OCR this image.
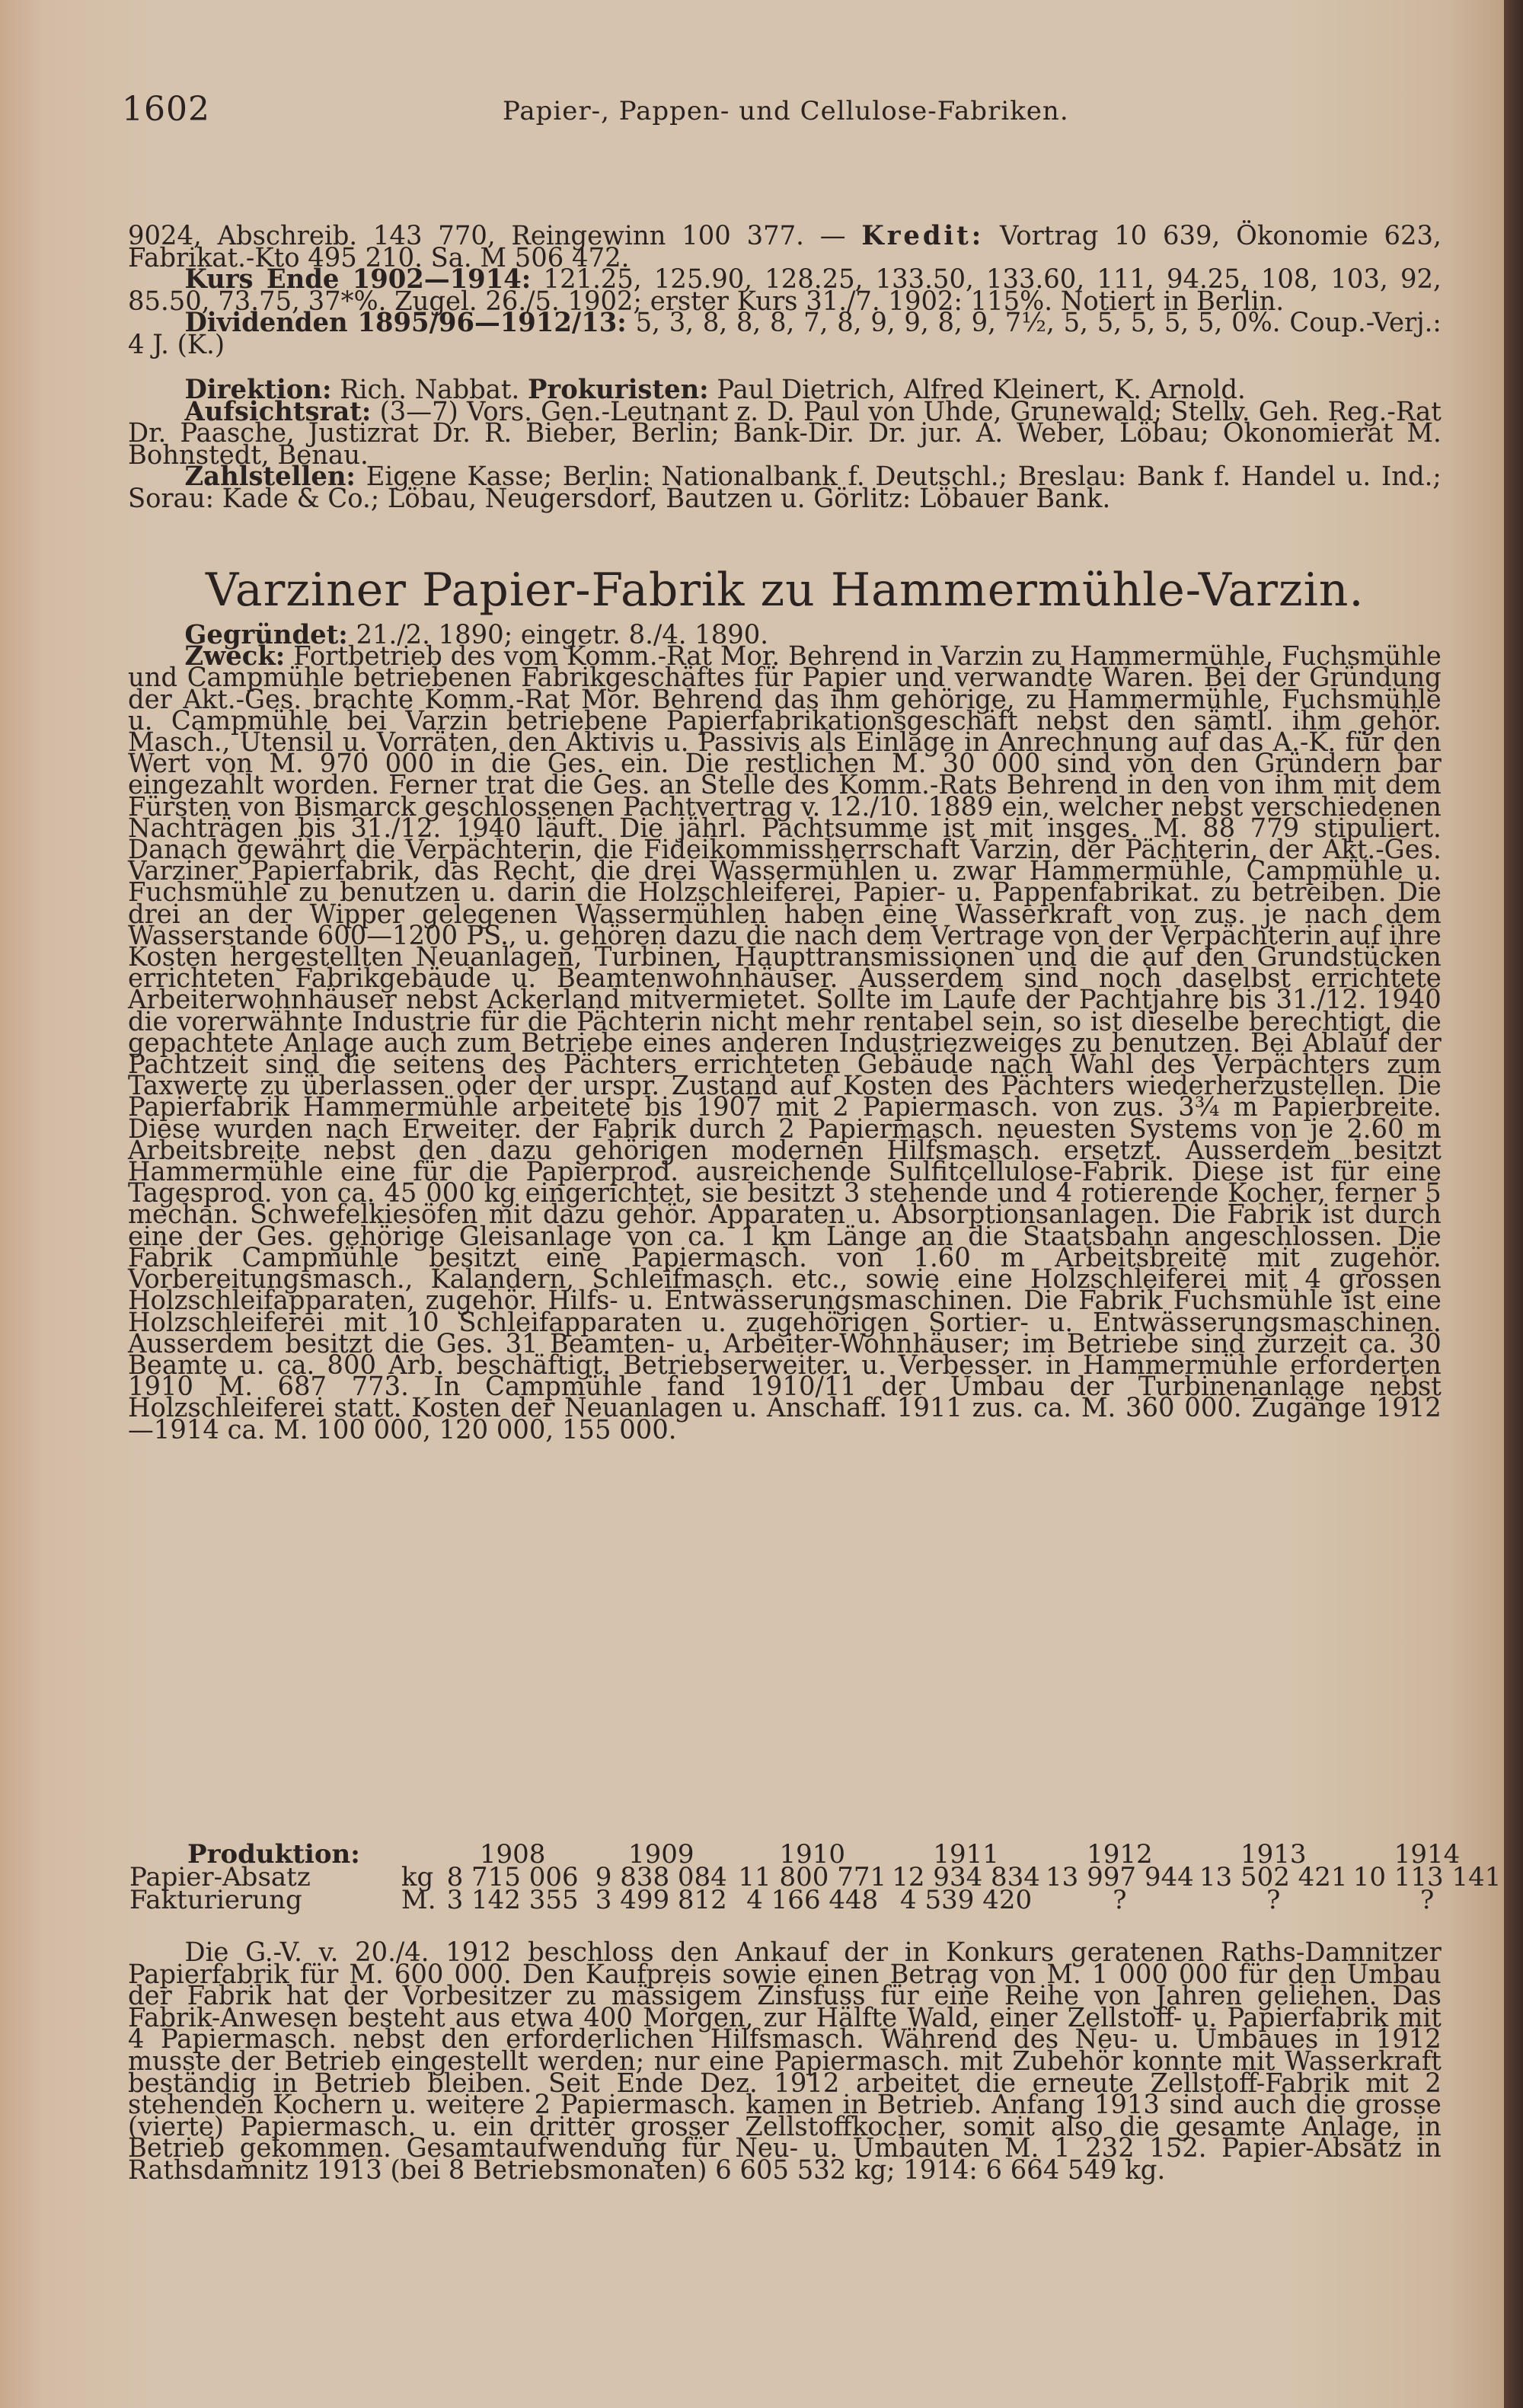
1602	Papier-, Pappen- und Cellulose-Fabriken.

9024, Abschreib. 143 770, Reingewinn 100 377. — Kredit: Vortrag 10 639, Ökonomie 623, Fabrikat.-Kto 495 210. Sa. M 506 472.

Kurs Ende 1902—1914: 121.25, 125.90, 128.25, 133.50, 133.60, 111, 94.25, 108, 103, 92, 85.50, 73.75, 37*%. Zugel. 26./5. 1902; erster Kurs 31./7. 1902: 115%. Notiert in Berlin.

Dividenden 1895/96—1912/13: 5, 3, 8, 8, 8, 7, 8, 9, 9, 8, 9, 7½, 5, 5, 5, 5, 5, 0%. Coup.-Verj.: 4 J. (K.)

Direktion: Rich. Nabbat. Prokuristen: Paul Dietrich, Alfred Kleinert, K. Arnold.

Aufsichtsrat: (3—7) Vors. Gen.-Leutnant z. D. Paul von Uhde, Grunewald; Stellv. Geh. Reg.-Rat Dr. Paasche, Justizrat Dr. R. Bieber, Berlin; Bank-Dir. Dr. jur. A. Weber, Löbau; Ökonomierat M. Bohnstedt, Benau.

Zahlstellen: Eigene Kasse; Berlin: Nationalbank f. Deutschl.; Breslau: Bank f. Handel u. Ind.; Sorau: Kade & Co.; Löbau, Neugersdorf, Bautzen u. Görlitz: Löbauer Bank.

Varziner Papier-Fabrik zu Hammermühle-Varzin.

Gegründet: 21./2. 1890; eingetr. 8./4. 1890.

Zweck: Fortbetrieb des vom Komm.-Rat Mor. Behrend in Varzin zu Hammermühle, Fuchsmühle und Campmühle betriebenen Fabrikgeschäftes für Papier und verwandte Waren. Bei der Gründung der Akt.-Ges. brachte Komm.-Rat Mor. Behrend das ihm gehörige, zu Hammermühle, Fuchsmühle u. Campmühle bei Varzin betriebene Papierfabrikationsgeschäft nebst den sämtl. ihm gehör. Masch., Utensil u. Vorräten, den Aktivis u. Passivis als Einlage in Anrechnung auf das A.-K. für den Wert von M. 970 000 in die Ges. ein. Die restlichen M. 30 000 sind von den Gründern bar eingezahlt worden. Ferner trat die Ges. an Stelle des Komm.-Rats Behrend in den von ihm mit dem Fürsten von Bismarck geschlossenen Pachtvertrag v. 12./10. 1889 ein, welcher nebst verschiedenen Nachträgen bis 31./12. 1940 läuft. Die jährl. Pachtsumme ist mit insges. M. 88 779 stipuliert. Danach gewährt die Verpächterin, die Fideikommissherrschaft Varzin, der Pächterin, der Akt.-Ges. Varziner Papierfabrik, das Recht, die drei Wassermühlen u. zwar Hammermühle, Campmühle u. Fuchsmühle zu benutzen u. darin die Holzschleiferei, Papier- u. Pappenfabrikat. zu betreiben. Die drei an der Wipper gelegenen Wassermühlen haben eine Wasserkraft von zus. je nach dem Wasserstande 600—1200 PS., u. gehören dazu die nach dem Vertrage von der Verpächterin auf ihre Kosten hergestellten Neuanlagen, Turbinen, Haupttransmissionen und die auf den Grundstücken errichteten Fabrikgebäude u. Beamtenwohnhäuser. Ausserdem sind noch daselbst errichtete Arbeiterwohnhäuser nebst Ackerland mitvermietet. Sollte im Laufe der Pachtjahre bis 31./12. 1940 die vorerwähnte Industrie für die Pächterin nicht mehr rentabel sein, so ist dieselbe berechtigt, die gepachtete Anlage auch zum Betriebe eines anderen Industriezweiges zu benutzen. Bei Ablauf der Pachtzeit sind die seitens des Pächters errichteten Gebäude nach Wahl des Verpächters zum Taxwerte zu überlassen oder der urspr. Zustand auf Kosten des Pächters wiederherzustellen. Die Papierfabrik Hammermühle arbeitete bis 1907 mit 2 Papiermasch. von zus. 3¾ m Papierbreite. Diese wurden nach Erweiter. der Fabrik durch 2 Papiermasch. neuesten Systems von je 2.60 m Arbeitsbreite nebst den dazu gehörigen modernen Hilfsmasch. ersetzt. Ausserdem besitzt Hammermühle eine für die Papierprod. ausreichende Sulfitcellulose-Fabrik. Diese ist für eine Tagesprod. von ca. 45 000 kg eingerichtet, sie besitzt 3 stehende und 4 rotierende Kocher, ferner 5 mechan. Schwefelkiesöfen mit dazu gehör. Apparaten u. Absorptionsanlagen. Die Fabrik ist durch eine der Ges. gehörige Gleisanlage von ca. 1 km Länge an die Staatsbahn angeschlossen. Die Fabrik Campmühle besitzt eine Papiermasch. von 1.60 m Arbeitsbreite mit zugehör. Vorbereitungsmasch., Kalandern, Schleifmasch. etc., sowie eine Holzschleiferei mit 4 grossen Holzschleifapparaten, zugehör. Hilfs- u. Entwässerungsmaschinen. Die Fabrik Fuchsmühle ist eine Holzschleiferei mit 10 Schleifapparaten u. zugehörigen Sortier- u. Entwässerungsmaschinen. Ausserdem besitzt die Ges. 31 Beamten- u. Arbeiter-Wohnhäuser; im Betriebe sind zurzeit ca. 30 Beamte u. ca. 800 Arb. beschäftigt. Betriebserweiter. u. Verbesser. in Hammermühle erforderten 1910 M. 687 773. In Campmühle fand 1910/11 der Umbau der Turbinenanlage nebst Holzschleiferei statt. Kosten der Neuanlagen u. Anschaff. 1911 zus. ca. M. 360 000. Zugänge 1912—1914 ca. M. 100 000, 120 000, 155 000.

Produktion:		1908	1909	1910	1911	1912	1913	1914
Papier-Absatz	kg	8 715 006	9 838 084	11 800 771	12 934 834	13 997 944	13 502 421	10 113 141
Fakturierung	M.	3 142 355	3 499 812	4 166 448	4 539 420	?	?	?

Die G.-V. v. 20./4. 1912 beschloss den Ankauf der in Konkurs geratenen Raths-Damnitzer Papierfabrik für M. 600 000. Den Kaufpreis sowie einen Betrag von M. 1 000 000 für den Umbau der Fabrik hat der Vorbesitzer zu mässigem Zinsfuss für eine Reihe von Jahren geliehen. Das Fabrik-Anwesen besteht aus etwa 400 Morgen, zur Hälfte Wald, einer Zellstoff- u. Papierfabrik mit 4 Papiermasch. nebst den erforderlichen Hilfsmasch. Während des Neu- u. Umbaues in 1912 musste der Betrieb eingestellt werden; nur eine Papiermasch. mit Zubehör konnte mit Wasserkraft beständig in Betrieb bleiben. Seit Ende Dez. 1912 arbeitet die erneute Zellstoff-Fabrik mit 2 stehenden Kochern u. weitere 2 Papiermasch. kamen in Betrieb. Anfang 1913 sind auch die grosse (vierte) Papiermasch. u. ein dritter grosser Zellstoffkocher, somit also die gesamte Anlage, in Betrieb gekommen. Gesamtaufwendung für Neu- u. Umbauten M. 1 232 152. Papier-Absatz in Rathsdamnitz 1913 (bei 8 Betriebsmonaten) 6 605 532 kg; 1914: 6 664 549 kg.
